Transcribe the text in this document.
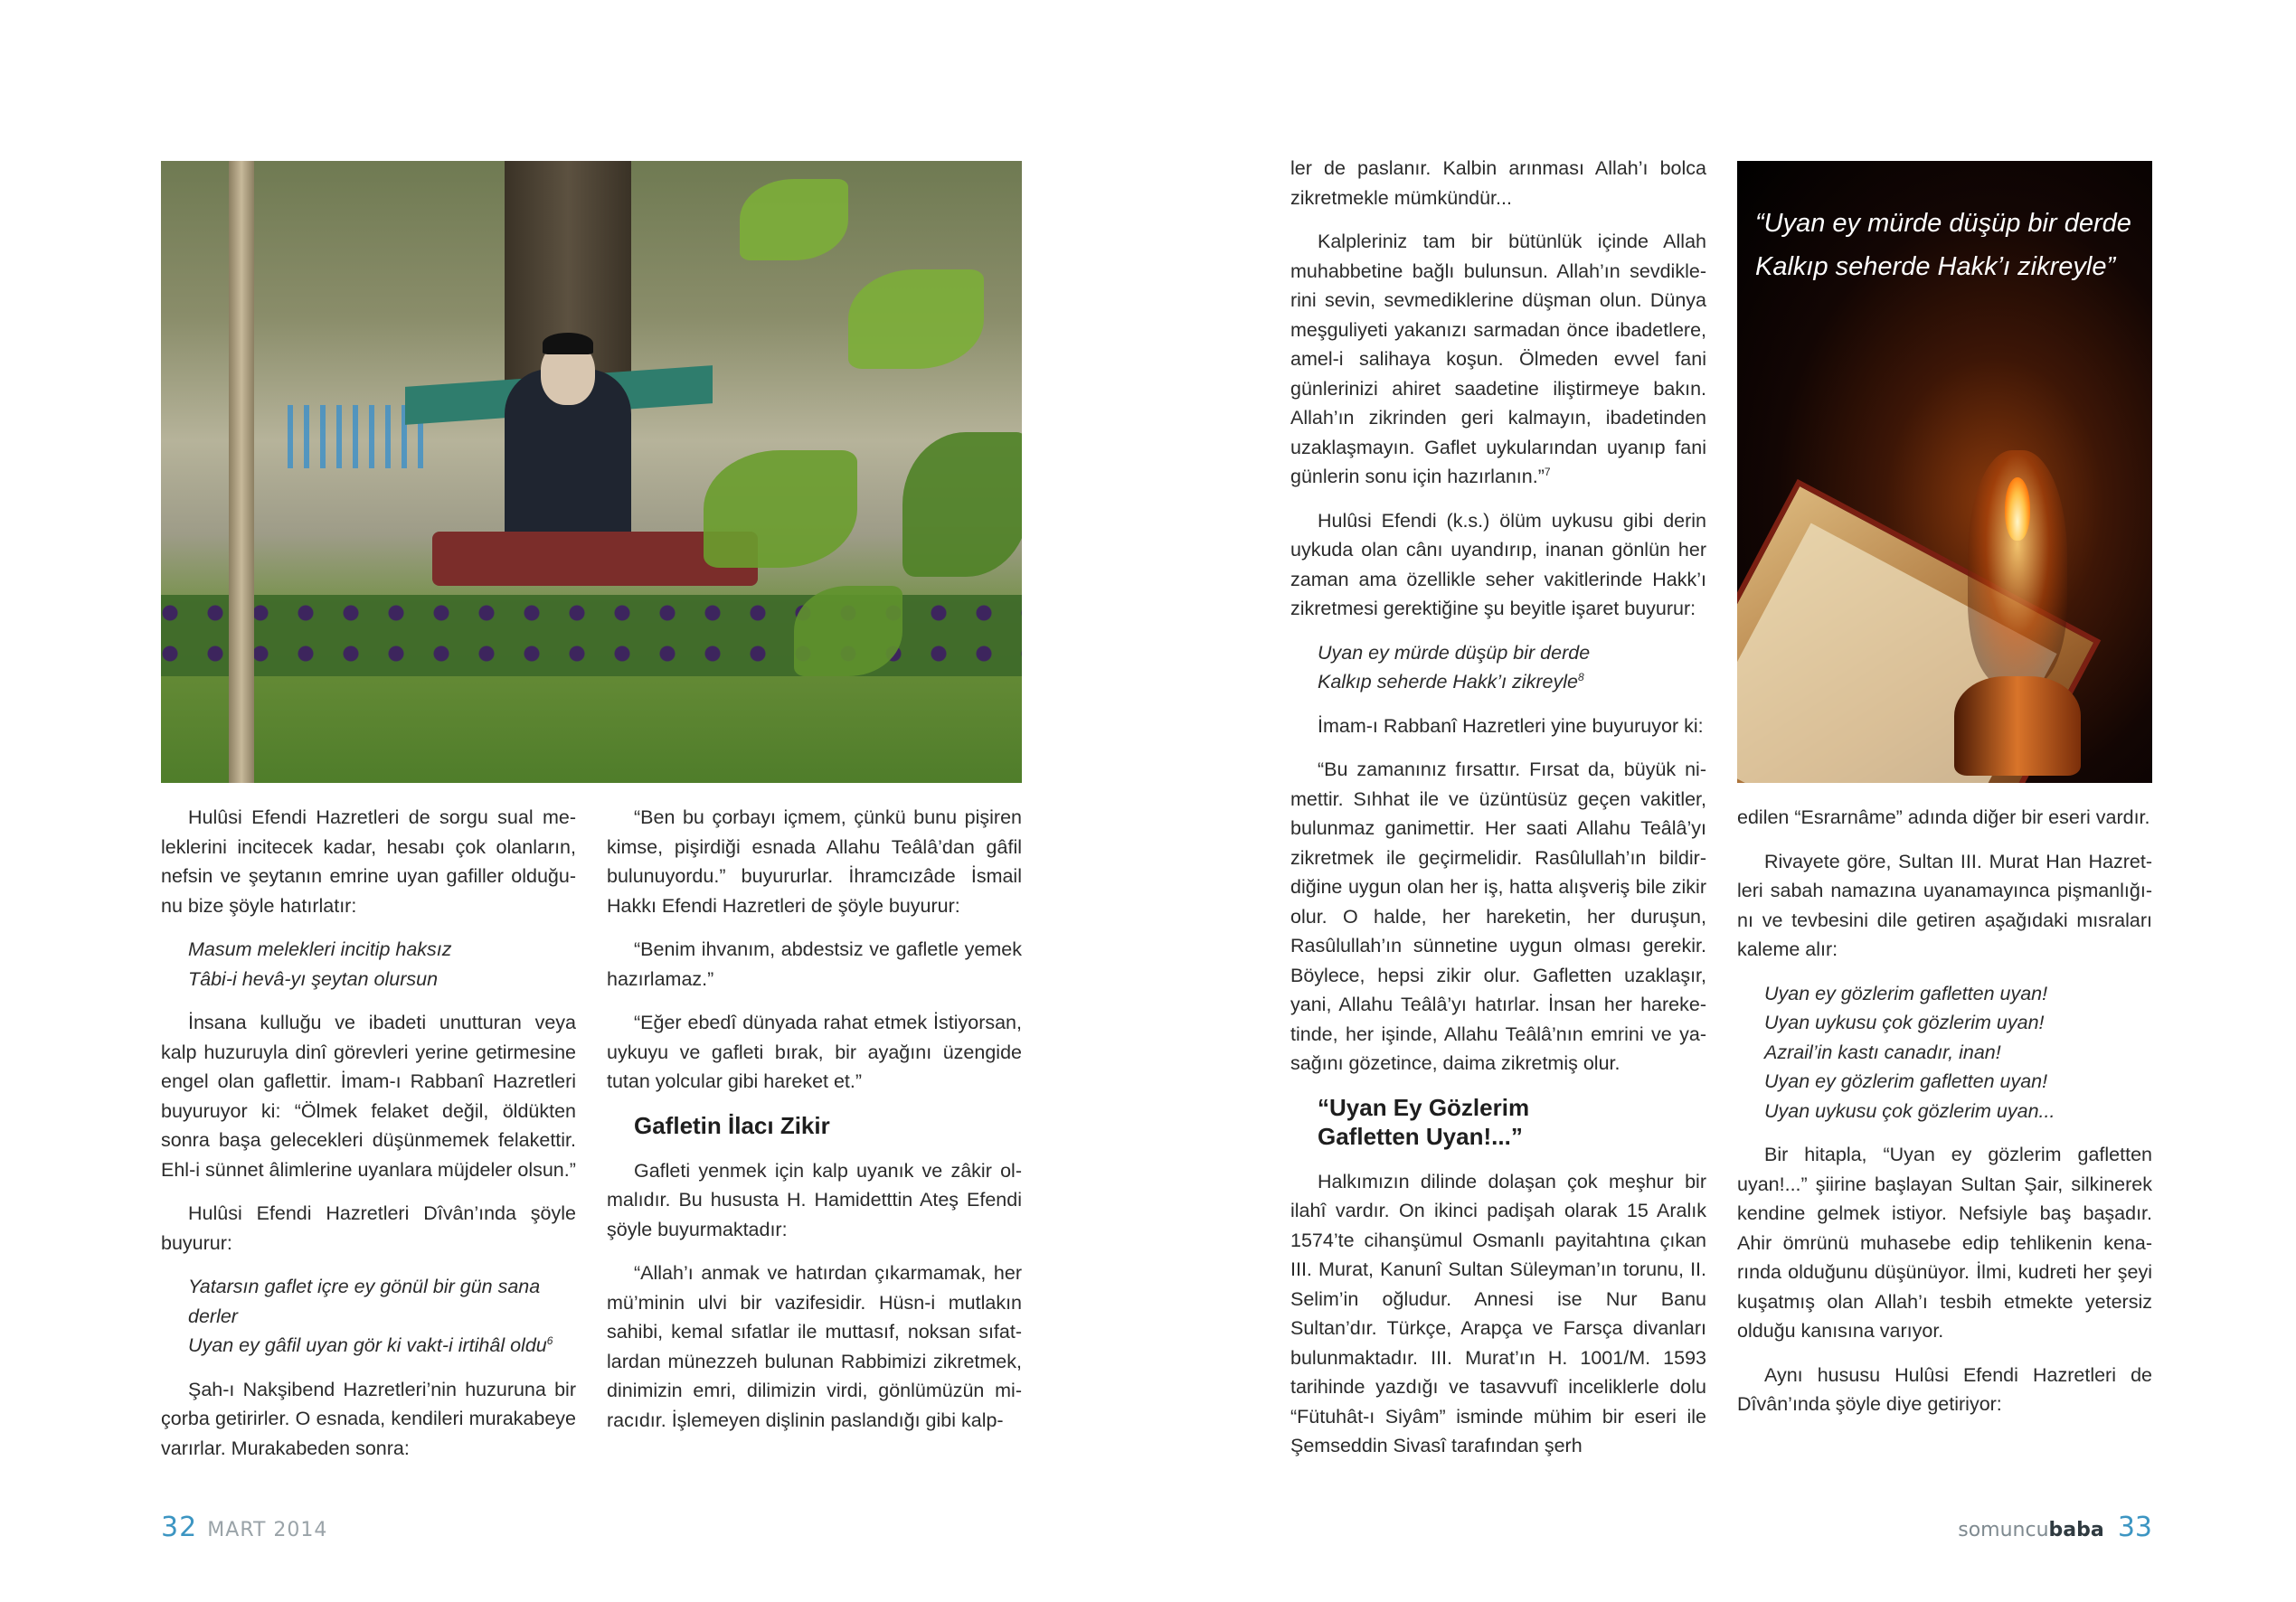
Hulûsi Efendi Hazretleri de sorgu sual meleklerini incitecek kadar, hesabı çok olanların, nefsin ve şeytanın emrine uyan gafiller olduğunu bize şöyle hatırlatır:

Masum melekleri incitip haksız
Tâbi-i hevâ-yı şeytan olursun

İnsana kulluğu ve ibadeti unutturan veya kalp huzuruyla dinî görevleri yerine getirmesine engel olan gaflettir. İmam-ı Rabbanî Hazretleri buyuruyor ki: “Ölmek felaket değil, öldükten sonra başa gelecekleri düşünmemek felakettir. Ehl-i sünnet âlimlerine uyanlara müjdeler olsun.”

Hulûsi Efendi Hazretleri Dîvân’ında şöyle buyurur:

Yatarsın gaflet içre ey gönül bir gün sana derler
Uyan ey gâfil uyan gör ki vakt-i irtihâl oldu$^6$

Şah-ı Nakşibend Hazretleri’nin huzuruna bir çorba getirirler. O esnada, kendileri murakabeye varırlar. Murakabeden sonra:

“Ben bu çorbayı içmem, çünkü bunu pişiren kimse, pişirdiği esnada Allahu Teâlâ’dan gâfil bulunuyordu.” buyururlar. İhramcızâde İsmail Hakkı Efendi Hazretleri de şöyle buyurur:

“Benim ihvanım, abdestsiz ve gafletle yemek hazırlamaz.”

“Eğer ebedî dünyada rahat etmek İstiyorsan, uykuyu ve gafleti bırak, bir ayağını üzengide tutan yolcular gibi hareket et.”

Gafletin İlacı Zikir

Gafleti yenmek için kalp uyanık ve zâkir olmalıdır. Bu hususta H. Hamidetttin Ateş Efendi şöyle buyurmaktadır:

“Allah’ı anmak ve hatırdan çıkarmamak, her mü’minin ulvi bir vazifesidir. Hüsn-i mutlakın sahibi, kemal sıfatlar ile muttasıf, noksan sıfatlardan münezzeh bulunan Rabbimizi zikretmek, dinimizin emri, dilimizin virdi, gönlümüzün miracıdır. İşlemeyen dişlinin paslandığı gibi kalp-

ler de paslanır. Kalbin arınması Allah’ı bolca zikretmekle mümkündür...

Kalpleriniz tam bir bütünlük içinde Allah muhabbetine bağlı bulunsun. Allah’ın sevdiklerini sevin, sevmediklerine düşman olun. Dünya meşguliyeti yakanızı sarmadan önce ibadetlere, amel-i salihaya koşun. Ölmeden evvel fani günlerinizi ahiret saadetine iliştirmeye bakın. Allah’ın zikrinden geri kalmayın, ibadetinden uzaklaşmayın. Gaflet uykularından uyanıp fani günlerin sonu için hazırlanın.”$^7$

Hulûsi Efendi (k.s.) ölüm uykusu gibi derin uykuda olan cânı uyandırıp, inanan gönlün her zaman ama özellikle seher vakitlerinde Hakk’ı zikretmesi gerektiğine şu beyitle işaret buyurur:

Uyan ey mürde düşüp bir derde
Kalkıp seherde Hakk’ı zikreyle$^8$

İmam-ı Rabbanî Hazretleri yine buyuruyor ki:

“Bu zamanınız fırsattır. Fırsat da, büyük nimettir. Sıhhat ile ve üzüntüsüz geçen vakitler, bulunmaz ganimettir. Her saati Allahu Teâlâ’yı zikretmek ile geçirmelidir. Rasûlullah’ın bildirdiğine uygun olan her iş, hatta alışveriş bile zikir olur. O halde, her hareketin, her duruşun, Rasûlullah’ın sünnetine uygun olması gerekir. Böylece, hepsi zikir olur. Gafletten uzaklaşır, yani, Allahu Teâlâ’yı hatırlar. İnsan her hareketinde, her işinde, Allahu Teâlâ’nın emrini ve yasağını gözetince, daima zikretmiş olur.

“Uyan Ey Gözlerim
Gafletten Uyan!...”

Halkımızın dilinde dolaşan çok meşhur bir ilahî vardır. On ikinci padişah olarak 15 Aralık 1574’te cihanşümul Osmanlı payitahtına çıkan III. Murat, Kanunî Sultan Süleyman’ın torunu, II. Selim’in oğludur. Annesi ise Nur Banu Sultan’dır. Türkçe, Arapça ve Farsça divanları bulunmaktadır. III. Murat’ın H. 1001/M. 1593 tarihinde yazdığı ve tasavvufî inceliklerle dolu “Fütuhât-ı Siyâm” isminde mühim bir eseri ile Şemseddin Sivasî tarafından şerh

“Uyan ey mürde düşüp bir derde
Kalkıp seherde Hakk’ı zikreyle”

edilen “Esrarnâme” adında diğer bir eseri vardır.

Rivayete göre, Sultan III. Murat Han Hazretleri sabah namazına uyanamayınca pişmanlığını ve tevbesini dile getiren aşağıdaki mısraları kaleme alır:

Uyan ey gözlerim gafletten uyan!
Uyan uykusu çok gözlerim uyan!
Azrail’in kastı canadır, inan!
Uyan ey gözlerim gafletten uyan!
Uyan uykusu çok gözlerim uyan...

Bir hitapla, “Uyan ey gözlerim gafletten uyan!...” şiirine başlayan Sultan Şair, silkinerek kendine gelmek istiyor. Nefsiyle baş başadır. Ahir ömrünü muhasebe edip tehlikenin kenarında olduğunu düşünüyor. İlmi, kudreti her şeyi kuşatmış olan Allah’ı tesbih etmekte yetersiz olduğu kanısına varıyor.

Aynı hususu Hulûsi Efendi Hazretleri de Dîvân’ında şöyle diye getiriyor:

32 MART 2014	somuncubaba 33
